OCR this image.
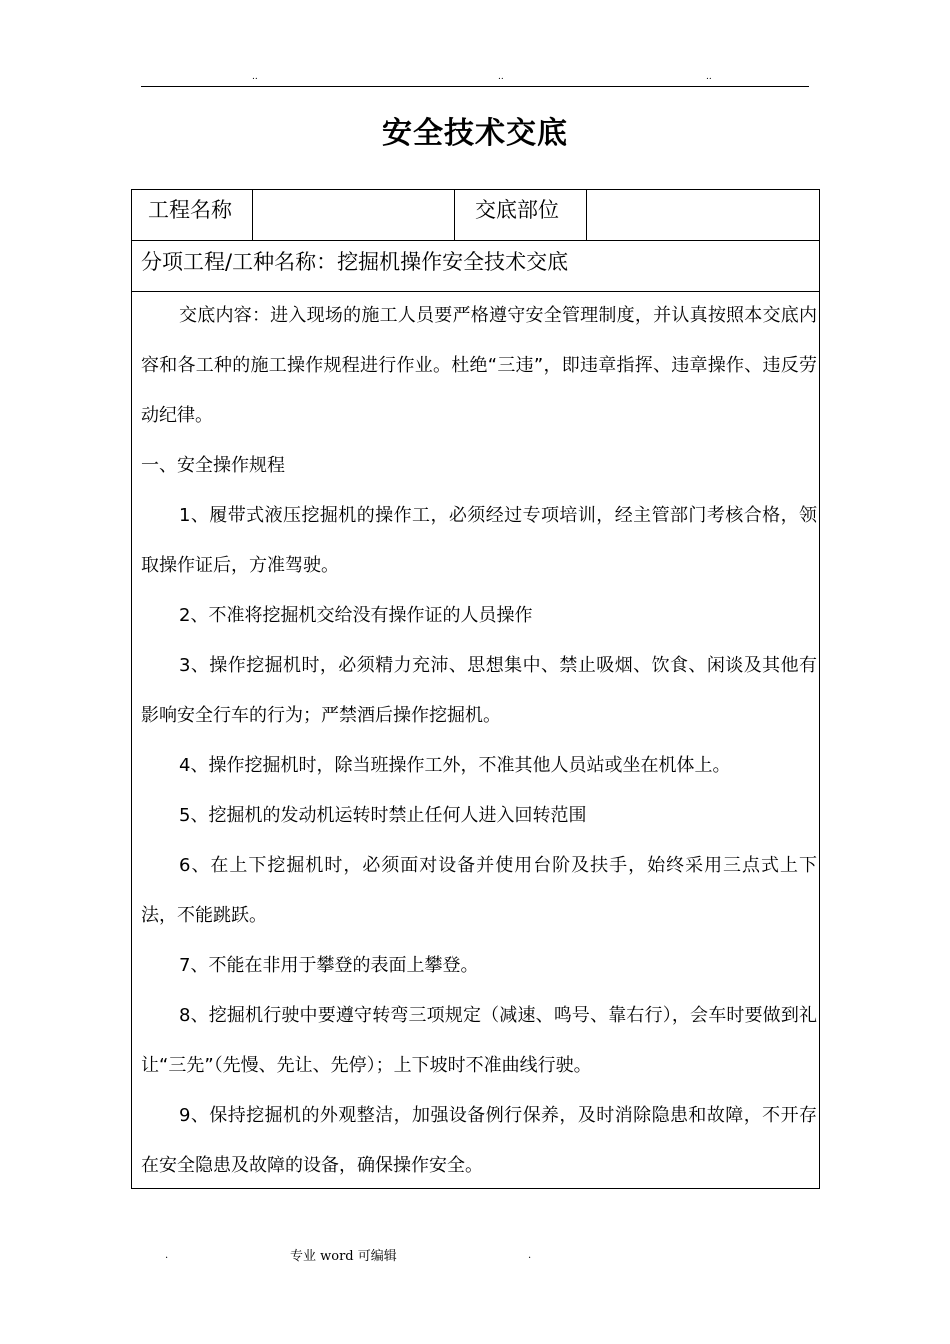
..	..	..
安全技术交底
工程名称	交底部位
分项工程/工种名称：挖掘机操作安全技术交底

交底内容：进入现场的施工人员要严格遵守安全管理制度，并认真按照本交底内容和各工种的施工操作规程进行作业。杜绝“三违”，即违章指挥、违章操作、违反劳动纪律。

一、安全操作规程

1、履带式液压挖掘机的操作工，必须经过专项培训，经主管部门考核合格，领取操作证后，方准驾驶。

2、不准将挖掘机交给没有操作证的人员操作

3、操作挖掘机时，必须精力充沛、思想集中、禁止吸烟、饮食、闲谈及其他有影响安全行车的行为；严禁酒后操作挖掘机。

4、操作挖掘机时，除当班操作工外，不准其他人员站或坐在机体上。

5、挖掘机的发动机运转时禁止任何人进入回转范围

6、在上下挖掘机时，必须面对设备并使用台阶及扶手，始终采用三点式上下法，不能跳跃。

7、不能在非用于攀登的表面上攀登。

8、挖掘机行驶中要遵守转弯三项规定（减速、鸣号、靠右行），会车时要做到礼让“三先”（先慢、先让、先停）；上下坡时不准曲线行驶。

9、保持挖掘机的外观整洁，加强设备例行保养，及时消除隐患和故障，不开存在安全隐患及故障的设备，确保操作安全。

.	专业 word 可编辑	.
